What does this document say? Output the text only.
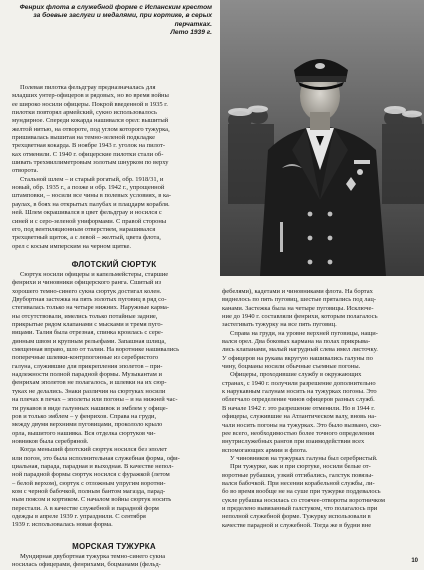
Фенрих флота в служебной форме с Испанским крестом
за боевые заслуги и медалями, при кортике, в серых
перчатках.
Лето 1939 г.
Полевая пилотка фельдграу предназначалась для
младших унтер-офицеров и рядовых, но во время войны
ее широко носили офицеры. Покрой введенной в 1935 г.
пилотки повторял армейский, сукно использовалось
мундирное. Спереди кокарда нашивался орел: вышитый
желтой нитью, на отвороте, под углом которого тужурка,
пришивалась вышитая на темно-зеленой подкладке
трехцветная кокарда. В ноябре 1943 г. уголок на пилот-
ках отменили. С 1940 г. офицерские пилотки стали об-
шивать трехмиллиметровым золотым шнурком по верху
отворота.
Стальной шлем – и старый рогатый, обр. 1918/31, и
новый, обр. 1935 г., а позже и обр. 1942 г., упрощенной
штамповки, – носили все чины в полевых условиях, в ка-
раулах, в боях на открытых палубах и плацдарм корабля.
ней. Шлем окрашивался в цвет фельдграу и носился с
синей и с серо-зеленой униформами. С правой стороны
его, под вентиляционным отверстием, нарашивался
трехцветный щиток, а с левой – желтый, цвета флота,
орел с косым имперским на черном щитке.
ФЛОТСКИЙ СЮРТУК
Сюртук носили офицеры и капельмейстеры, старшие
фенрихи и чиновники офицерского ранга. Сшитый из
хорошего темно-синего сукна сюртук достигал колен.
Двубортная застежка на пять золотых пуговиц в ряд со-
стегивалась только на четыре нижних. Наружные карма-
ны отсутствовали, имелись только потайные задние,
прикрытые рядом клапанами с мысками и тремя пуго-
вицами. Талия была отрезная, спинка кроилась с сере-
динным швом и крупным рельефами. Запашная шлица,
смещенная вправо, шло от талии. На воротнике нашивались
поперечные шлевки-контрпогонные из серебристого
галуна, служившие для прикрепления эполетов – при-
надлежности полной парадной формы. Музыкантам и
фенрихам эполетов не полагалось, и шлевки на их сюр-
туках не делались. Знаки различия на сюртуках носили
на плечах в печах – эполеты или погоны – и на нижней час-
ти рукавов в виде галунных нашивок и эмблем у офице-
ров и только эмблем – у фенрихов. Справа на груди,
между двумя верхними пуговицами, прокололо крыло
орла, вышитого нашивка. Вся отделка сюртуков чи-
новников была серебряной.
Когда меньший флотский сюртук носился без эполет
или погон, это была исполнительная служебная форма, офи-
циальная, парада, парадная и выходная. В качестве непол-
ной парадной формы сюртук носился с фуражкой (летом
– белой верхом), сюртук с отложным упругим воротни-
ком с черной бабочкой, полным бантом магазда, парад-
ным поясом и кортиком. С началом войны сюртук носить
перестали. А в качестве служебной и парадной форм
одежды в апреле 1939 г. упразднили. С сентября
1939 г. использовалась новая форма.
МОРСКАЯ ТУЖУРКА
Мундирная двубортная тужурка темно-синего сукна
носилась офицерами, фенрихами, боцманами (фельд-
фебелями), кадетами и чиновниками флота. На бортах
виднелось по пять пуговиц, шестые прятались под лац-
канами. Застежка была на четыре пуговицы. Исключе-
ние до 1940 г. составляли фенрихи, которым полагалось
застегивать тужурку на все пять пуговиц.
Справа на груди, на уровне верхней пуговицы, нащи-
вался орел. Два боковых кармана на полах прикрыва-
лись клапанами, малый нагрудный слева имел листочку.
У офицеров на рукава вкругую нашивались галуны по
чину, боцманы носили обычные съемные погоны.
Офицеры, проходившие службу в окружающих
странах, с 1940 г. получили разрешение дополнительно
к нарукавным галунам носить на тужурках погоны. Это
облегчало определение чинов офицеров разных служб.
В начале 1942 г. это разрешение отменили. Но в 1944 г.
офицеры, служившие на Атлантическом валу, вновь на-
чали носить погоны на тужурках. Это было вызвано, ско-
рее всего, необходимостью более точного определения
внутрислужебных рангов при взаимодействии всех
вспомогающих армии и флота.
У чиновников на тужурках галуны был серебристый.
При тужурке, как и при сюртуке, носили белые от-
воротные рубашки, узкий отгибались, галстук повязы-
вался бабочкой. При несении корабельной службы, ли-
бо во время вообще не на суше при тужурке поддевалось
сукле рубашка носилась со стоячее-отвороты воротничком
и пределено вывязанный галстуком, что полагалось при
неполной служебной форме. Тужурку использовали в
качестве парадной и служебной. Тогда же в будни вне
10
